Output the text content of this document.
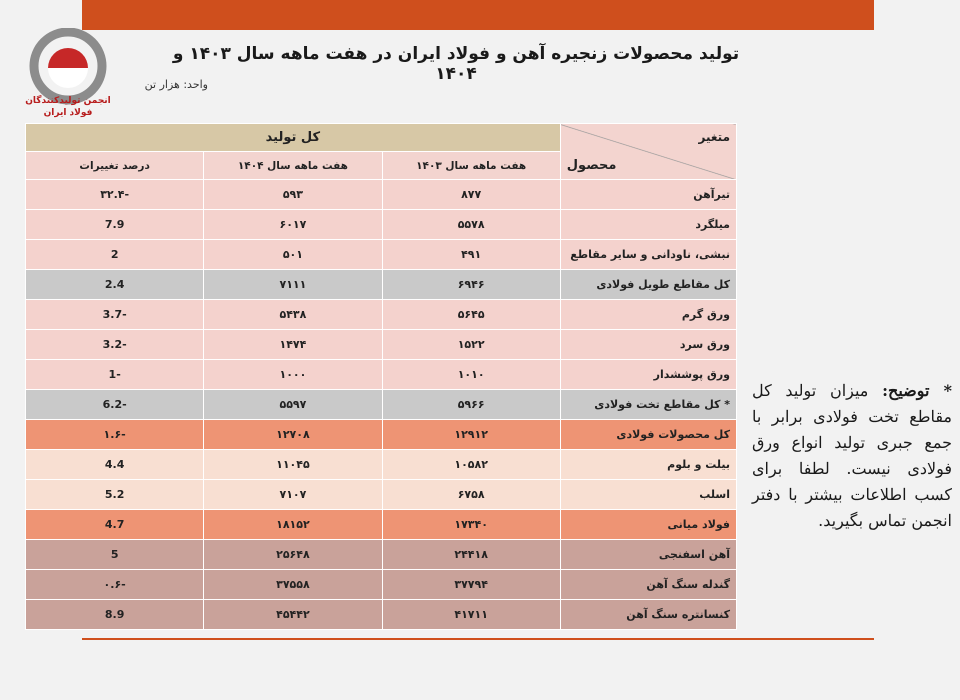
انجمن تولیدکنندگان
فولاد ایران
تولید محصولات زنجیره آهن و فولاد ایران در هفت ماهه سال ۱۴۰۳ و ۱۴۰۴
واحد: هزار تن
متغیر
محصول	کل تولید		
	هفت ماهه سال ۱۴۰۳	هفت ماهه سال ۱۴۰۴	درصد تغییرات
تیرآهن	۸۷۷	۵۹۳	-۳۲.۴
میلگرد	۵۵۷۸	۶۰۱۷	7.9
نبشی، ناودانی و سایر مقاطع	۴۹۱	۵۰۱	2
کل مقاطع طویل فولادی	۶۹۴۶	۷۱۱۱	2.4
ورق گرم	۵۶۴۵	۵۴۳۸	-3.7
ورق سرد	۱۵۲۲	۱۴۷۴	-3.2
ورق پوششدار	۱۰۱۰	۱۰۰۰	-1
* کل مقاطع تخت فولادی	۵۹۶۶	۵۵۹۷	-6.2
کل محصولات فولادی	۱۲۹۱۲	۱۲۷۰۸	-۱.۶
بیلت و بلوم	۱۰۵۸۲	۱۱۰۴۵	4.4
اسلب	۶۷۵۸	۷۱۰۷	5.2
فولاد میانی	۱۷۳۴۰	۱۸۱۵۲	4.7
آهن اسفنجی	۲۴۴۱۸	۲۵۶۴۸	5
گندله سنگ آهن	۳۷۷۹۴	۳۷۵۵۸	-۰.۶
کنسانتره سنگ آهن	۴۱۷۱۱	۴۵۴۴۲	8.9
* توضیح: میزان تولید کل مقاطع تخت فولادی برابر با جمع جبری تولید انواع ورق فولادی نیست. لطفا برای کسب اطلاعات بیشتر با دفتر انجمن تماس بگیرید.
